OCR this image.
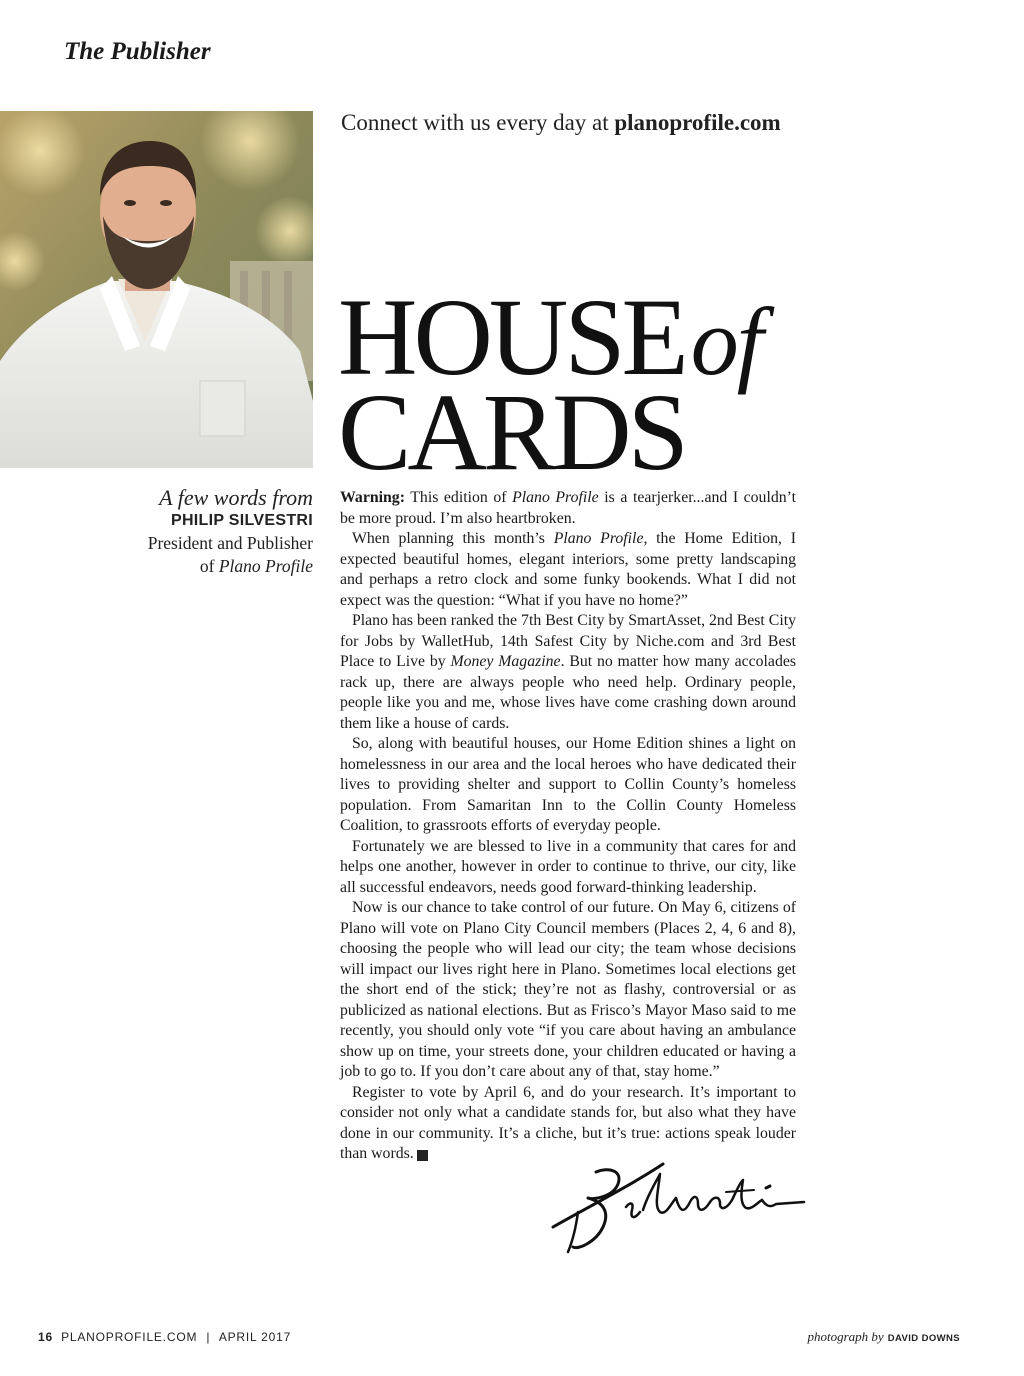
The Publisher

Connect with us every day at planoprofile.com

HOUSEof
CARDS
A few words from
PHILIP SILVESTRI
President and Publisher
of Plano Profile

Warning: This edition of Plano Profile is a tearjerker...and I couldn’t be more proud. I’m also heartbroken.

When planning this month’s Plano Profile, the Home Edition, I expected beautiful homes, elegant interiors, some pretty landscaping and perhaps a retro clock and some funky bookends. What I did not expect was the question: “What if you have no home?”

Plano has been ranked the 7th Best City by SmartAsset, 2nd Best City for Jobs by WalletHub, 14th Safest City by Niche.com and 3rd Best Place to Live by Money Magazine. But no matter how many accolades rack up, there are always people who need help. Ordinary people, people like you and me, whose lives have come crashing down around them like a house of cards.

So, along with beautiful houses, our Home Edition shines a light on homelessness in our area and the local heroes who have dedicated their lives to providing shelter and support to Collin County’s homeless population. From Samaritan Inn to the Collin County Homeless Coalition, to grassroots efforts of everyday people.

Fortunately we are blessed to live in a community that cares for and helps one another, however in order to continue to thrive, our city, like all successful endeavors, needs good forward-thinking leadership.

Now is our chance to take control of our future. On May 6, citizens of Plano will vote on Plano City Council members (Places 2, 4, 6 and 8), choosing the people who will lead our city; the team whose decisions will impact our lives right here in Plano. Sometimes local elections get the short end of the stick; they’re not as flashy, controversial or as publicized as national elections. But as Frisco’s Mayor Maso said to me recently, you should only vote “if you care about having an ambulance show up on time, your streets done, your children educated or having a job to go to. If you don’t care about any of that, stay home.”

Register to vote by April 6, and do your research. It’s important to consider not only what a candidate stands for, but also what they have done in our community. It’s a cliche, but it’s true: actions speak louder than words. P

16 PLANOPROFILE.COM | APRIL 2017	photograph by DAVID DOWNS
